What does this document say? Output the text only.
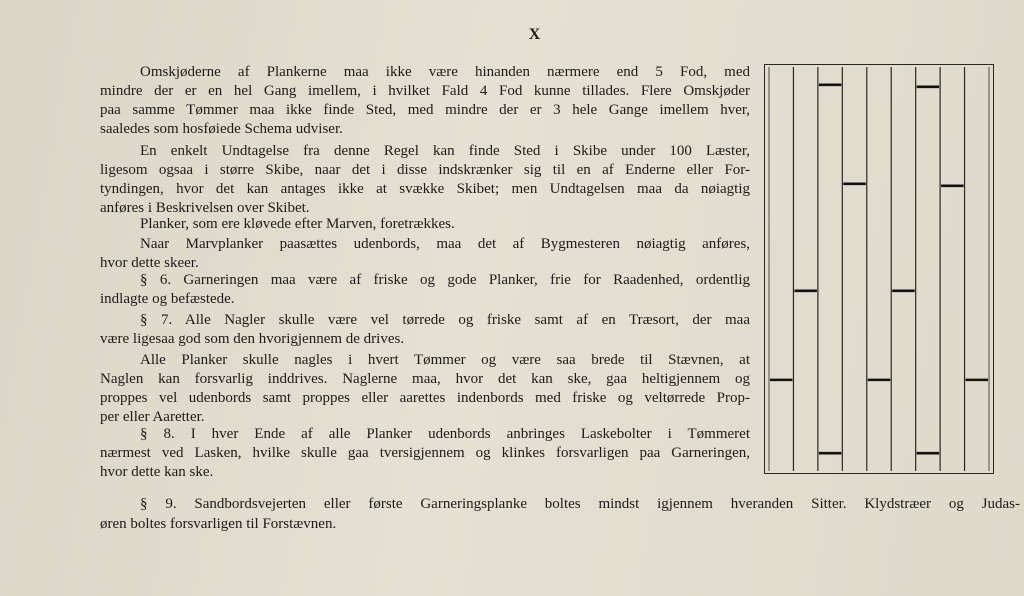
X
Omskjøderne af Plankerne maa ikke være hinanden nærmere end 5 Fod, med
mindre der er en hel Gang imellem, i hvilket Fald 4 Fod kunne tillades. Flere Omskjøder
paa samme Tømmer maa ikke finde Sted, med mindre der er 3 hele Gange imellem hver,
saaledes som hosføiede Schema udviser.
En enkelt Undtagelse fra denne Regel kan finde Sted i Skibe under 100 Læster,
ligesom ogsaa i større Skibe, naar det i disse indskrænker sig til en af Enderne eller For-
tyndingen, hvor det kan antages ikke at svække Skibet; men Undtagelsen maa da nøiagtig
anføres i Beskrivelsen over Skibet.
Planker, som ere kløvede efter Marven, foretrækkes.
Naar Marvplanker paasættes udenbords, maa det af Bygmesteren nøiagtig anføres,
hvor dette skeer.
§ 6. Garneringen maa være af friske og gode Planker, frie for Raadenhed, ordentlig
indlagte og befæstede.
§ 7. Alle Nagler skulle være vel tørrede og friske samt af en Træsort, der maa
være ligesaa god som den hvorigjennem de drives.
Alle Planker skulle nagles i hvert Tømmer og være saa brede til Stævnen, at
Naglen kan forsvarlig inddrives. Naglerne maa, hvor det kan ske, gaa heltigjennem og
proppes vel udenbords samt proppes eller aarettes indenbords med friske og veltørrede Prop-
per eller Aaretter.
§ 8. I hver Ende af alle Planker udenbords anbringes Laskebolter i Tømmeret
nærmest ved Lasken, hvilke skulle gaa tversigjennem og klinkes forsvarligen paa Garneringen,
hvor dette kan ske.
§ 9. Sandbordsvejerten eller første Garneringsplanke boltes mindst igjennem hveranden Sitter. Klydstræer og Judas-
øren boltes forsvarligen til Forstævnen.
